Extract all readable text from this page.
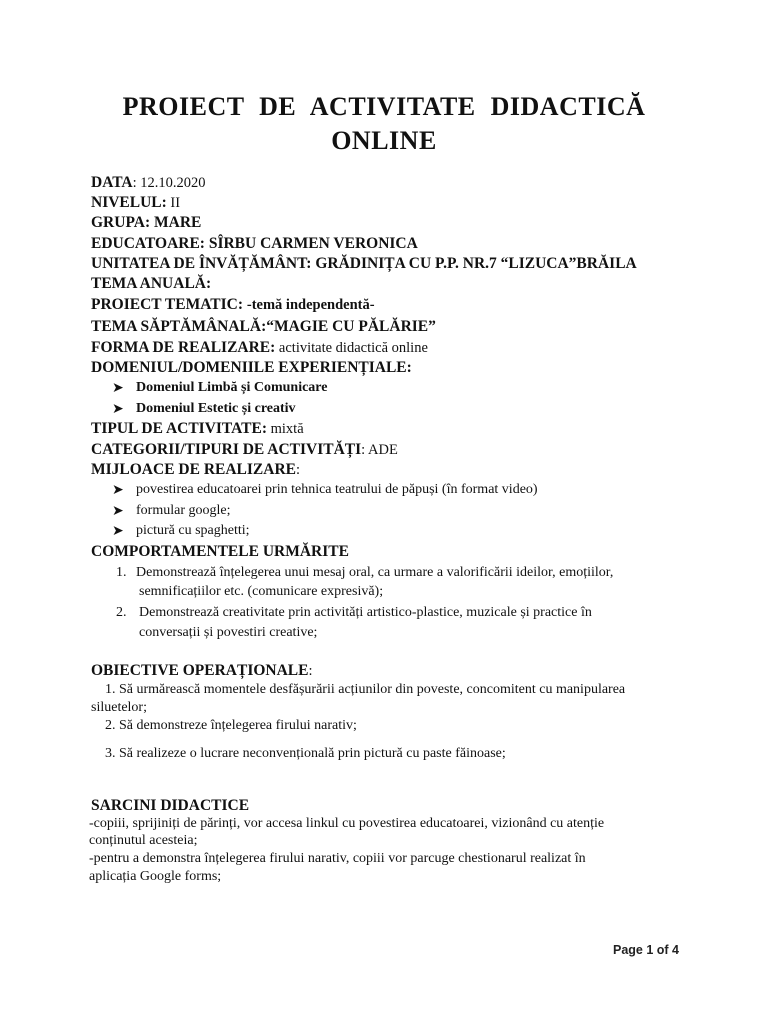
PROIECT DE ACTIVITATE DIDACTICĂ
ONLINE
DATA: 12.10.2020
NIVELUL: II
GRUPA: MARE
EDUCATOARE: SÎRBU CARMEN VERONICA
UNITATEA DE ÎNVĂȚĂMÂNT: GRĂDINIȚA CU P.P. NR.7 “LIZUCA”BRĂILA
TEMA ANUALĂ:
PROIECT TEMATIC: -temă independentă-
TEMA SĂPTĂMÂNALĂ:“MAGIE CU PĂLĂRIE”
FORMA DE REALIZARE: activitate didactică online
DOMENIUL/DOMENIILE EXPERIENȚIALE:
➤ Domeniul Limbă și Comunicare
➤ Domeniul Estetic și creativ
TIPUL DE ACTIVITATE: mixtă
CATEGORII/TIPURI DE ACTIVITĂȚI: ADE
MIJLOACE DE REALIZARE:
➤ povestirea educatoarei prin tehnica teatrului de păpuși (în format video)
➤ formular google;
➤ pictură cu spaghetti;
COMPORTAMENTELE URMĂRITE
1. Demonstrează înțelegerea unui mesaj oral, ca urmare a valorificării ideilor, emoțiilor,
semnificațiilor etc. (comunicare expresivă);
2. Demonstrează creativitate prin activități artistico-plastice, muzicale și practice în
conversații și povestiri creative;
OBIECTIVE OPERAȚIONALE:
1. Să urmărească momentele desfășurării acțiunilor din poveste, concomitent cu manipularea
siluetelor;
2. Să demonstreze înțelegerea firului narativ;
3. Să realizeze o lucrare neconvențională prin pictură cu paste făinoase;
SARCINI DIDACTICE
-copiii, sprijiniți de părinți, vor accesa linkul cu povestirea educatoarei, vizionând cu atenție
conținutul acesteia;
-pentru a demonstra înțelegerea firului narativ, copiii vor parcuge chestionarul realizat în
aplicația Google forms;
Page 1 of 4
